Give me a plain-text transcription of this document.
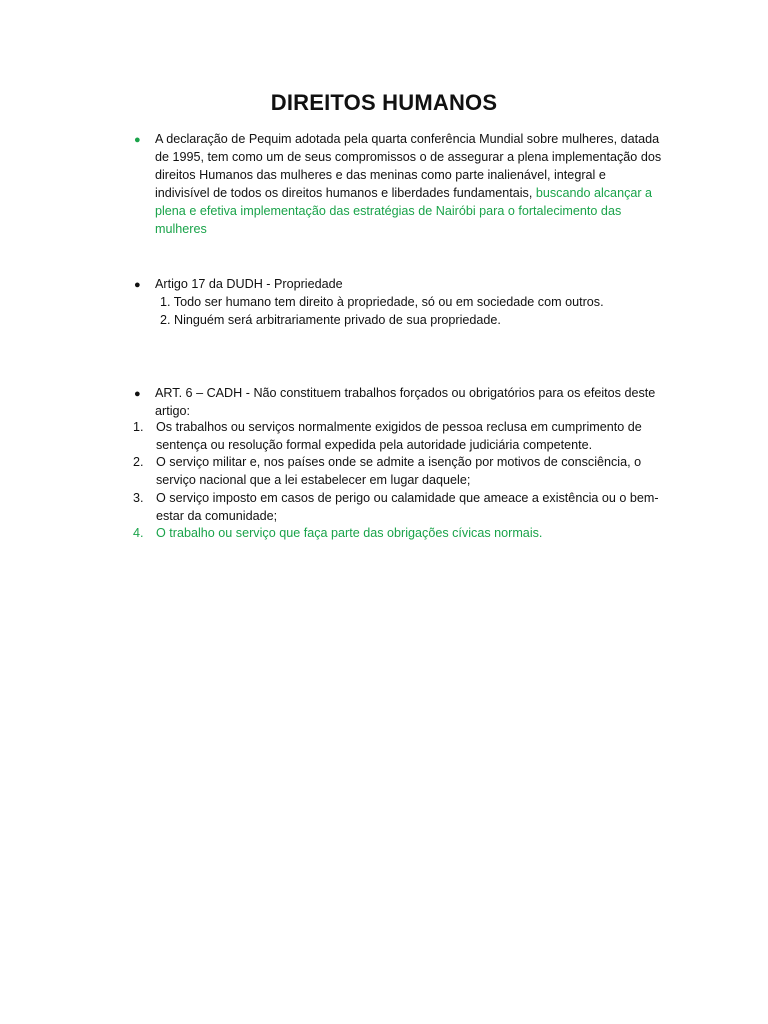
DIREITOS HUMANOS
●	A declaração de Pequim adotada pela quarta conferência Mundial sobre mulheres, datada de 1995, tem como um de seus compromissos o de assegurar a plena implementação dos direitos Humanos das mulheres e das meninas como parte inalienável, integral e indivisível de todos os direitos humanos e liberdades fundamentais, buscando alcançar a plena e efetiva implementação das estratégias de Nairóbi para o fortalecimento das mulheres
●	Artigo 17 da DUDH - Propriedade
1. Todo ser humano tem direito à propriedade, só ou em sociedade com outros.
2. Ninguém será arbitrariamente privado de sua propriedade.
●	ART. 6 – CADH - Não constituem trabalhos forçados ou obrigatórios para os efeitos deste artigo:
1. Os trabalhos ou serviços normalmente exigidos de pessoa reclusa em cumprimento de sentença ou resolução formal expedida pela autoridade judiciária competente.
2. O serviço militar e, nos países onde se admite a isenção por motivos de consciência, o serviço nacional que a lei estabelecer em lugar daquele;
3. O serviço imposto em casos de perigo ou calamidade que ameace a existência ou o bem-estar da comunidade;
4. O trabalho ou serviço que faça parte das obrigações cívicas normais.
